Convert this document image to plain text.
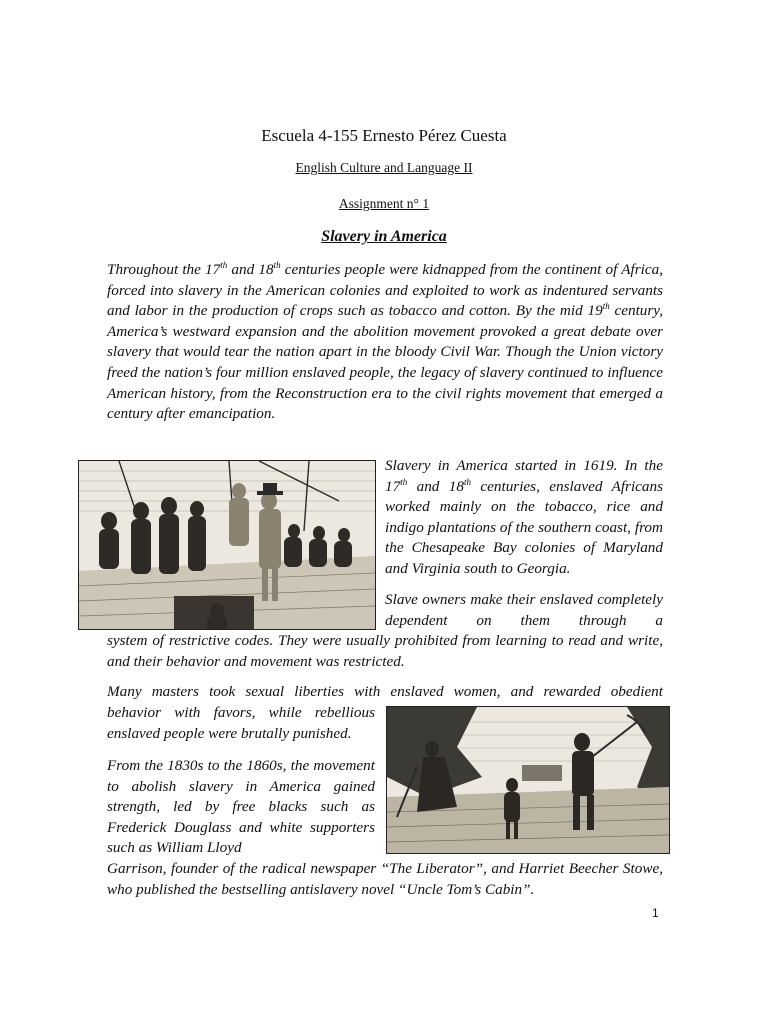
Escuela 4-155 Ernesto Pérez Cuesta
English Culture and Language II
Assignment n° 1
Slavery in America

Throughout the 17th and 18th centuries people were kidnapped from the continent of Africa, forced into slavery in the American colonies and exploited to work as indentured servants and labor in the production of crops such as tobacco and cotton. By the mid 19th century, America’s westward expansion and the abolition movement provoked a great debate over slavery that would tear the nation apart in the bloody Civil War. Though the Union victory freed the nation’s four million enslaved people, the legacy of slavery continued to influence American history, from the Reconstruction era to the civil rights movement that emerged a century after emancipation.

Slavery in America started in 1619. In the 17th and 18th centuries, enslaved Africans worked mainly on the tobacco, rice and indigo plantations of the southern coast, from the Chesapeake Bay colonies of Maryland and Virginia south to Georgia.

Slave owners make their enslaved completely dependent on them through a

system of restrictive codes. They were usually prohibited from learning to read and write, and their behavior and movement was restricted.

Many masters took sexual liberties with enslaved women, and rewarded obedient

behavior with favors, while rebellious enslaved people were brutally punished.

From the 1830s to the 1860s, the movement to abolish slavery in America gained strength, led by free blacks such as Frederick Douglass and white supporters such as William Lloyd

Garrison, founder of the radical newspaper “The Liberator”, and Harriet Beecher Stowe, who published the bestselling antislavery novel “Uncle Tom’s Cabin”.

1
